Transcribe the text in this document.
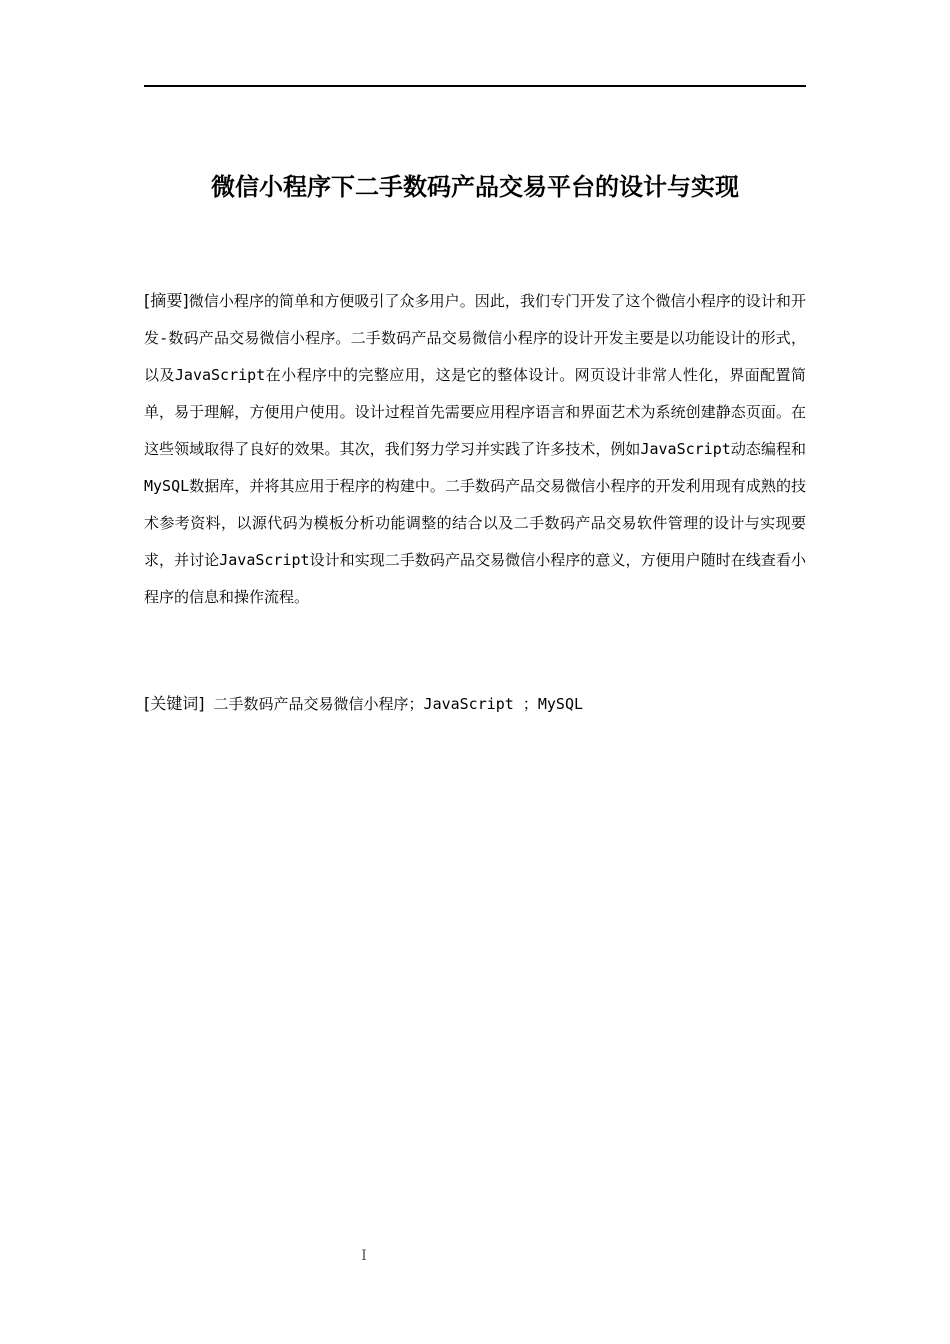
微信小程序下二手数码产品交易平台的设计与实现
[摘要]微信小程序的简单和方便吸引了众多用户。因此，我们专门开发了这个微信小程序的设计和开发-数码产品交易微信小程序。二手数码产品交易微信小程序的设计开发主要是以功能设计的形式，以及JavaScript在小程序中的完整应用，这是它的整体设计。网页设计非常人性化，界面配置简单，易于理解，方便用户使用。设计过程首先需要应用程序语言和界面艺术为系统创建静态页面。在这些领域取得了良好的效果。其次，我们努力学习并实践了许多技术，例如JavaScript动态编程和MySQL数据库，并将其应用于程序的构建中。二手数码产品交易微信小程序的开发利用现有成熟的技术参考资料，以源代码为模板分析功能调整的结合以及二手数码产品交易软件管理的设计与实现要求，并讨论JavaScript设计和实现二手数码产品交易微信小程序的意义，方便用户随时在线查看小程序的信息和操作流程。
[关键词] 二手数码产品交易微信小程序；JavaScript ；MySQL
I
